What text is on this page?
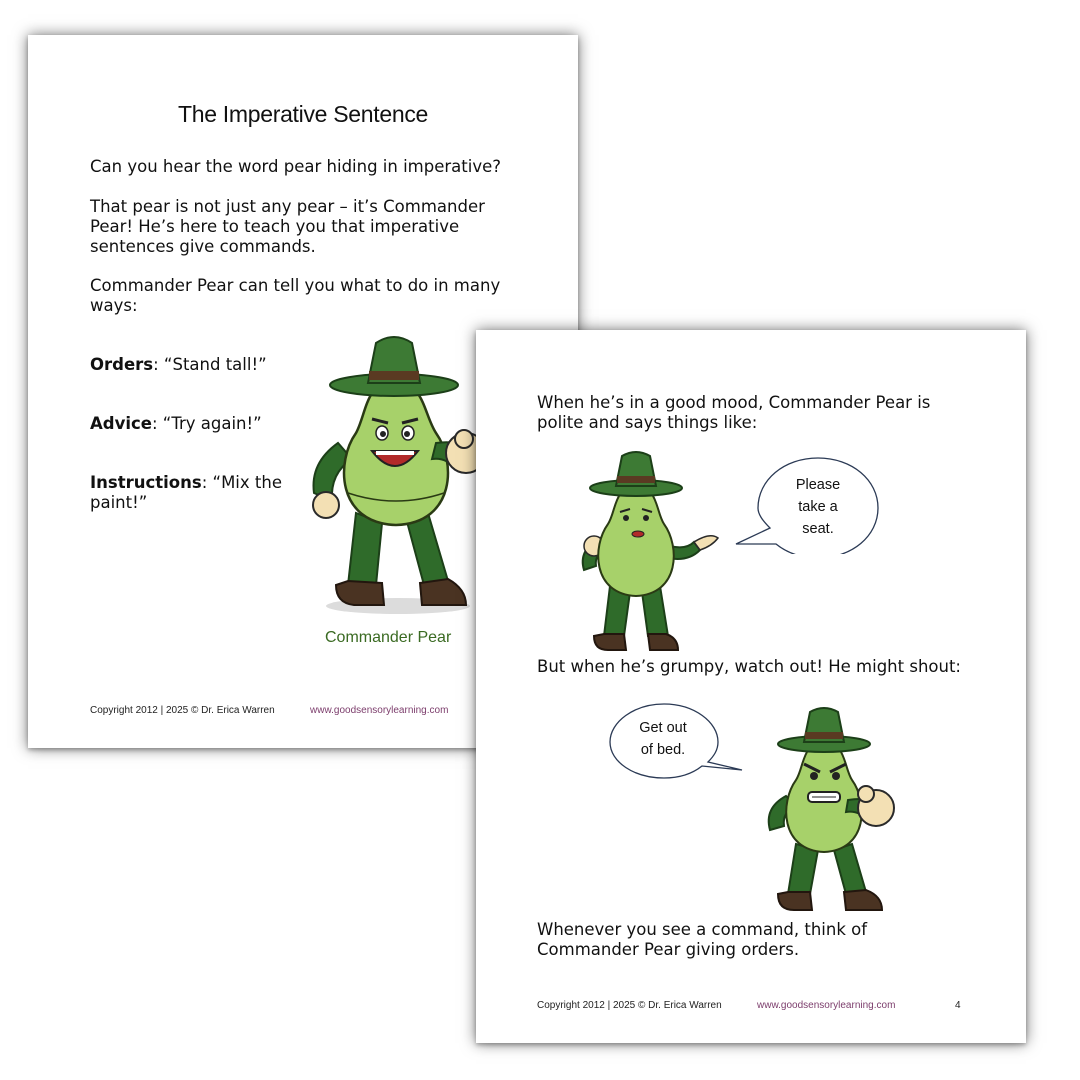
The Imperative Sentence

Can you hear the word pear hiding in imperative?

That pear is not just any pear – it’s Commander Pear! He’s here to teach you that imperative sentences give commands.

Commander Pear can tell you what to do in many ways:

Orders: “Stand tall!”

Advice: “Try again!”

Instructions: “Mix the paint!”

Commander Pear
Copyright 2012 | 2025 © Dr. Erica Warren	www.goodsensorylearning.com

When he’s in a good mood, Commander Pear is polite and says things like:

Please
take a
seat.

But when he’s grumpy, watch out! He might shout:

Get out
of bed.

Whenever you see a command, think of Commander Pear giving orders.

Copyright 2012 | 2025 © Dr. Erica Warren	www.goodsensorylearning.com	4
